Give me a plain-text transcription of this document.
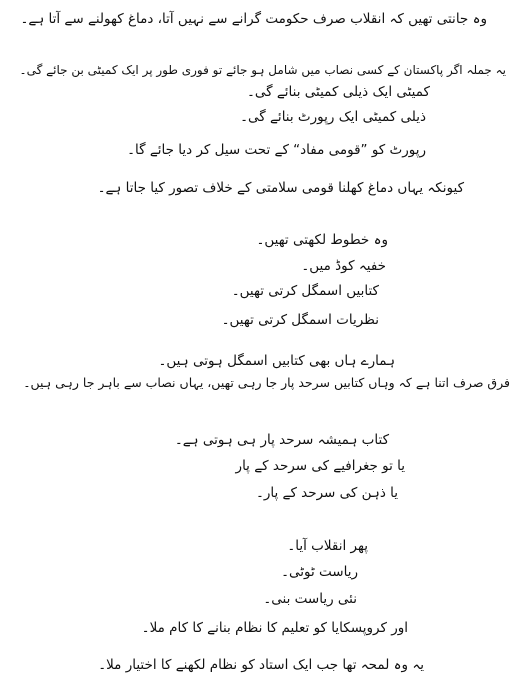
وہ جانتی تھیں کہ انقلاب صرف حکومت گرانے سے نہیں آتا، دماغ کھولنے سے آتا ہے۔
یہ جملہ اگر پاکستان کے کسی نصاب میں شامل ہو جائے تو فوری طور پر ایک کمیٹی بن جائے گی۔
کمیٹی ایک ذیلی کمیٹی بنائے گی۔
ذیلی کمیٹی ایک رپورٹ بنائے گی۔
رپورٹ کو ”قومی مفاد“ کے تحت سیل کر دیا جائے گا۔
کیونکہ یہاں دماغ کھلنا قومی سلامتی کے خلاف تصور کیا جاتا ہے۔
وہ خطوط لکھتی تھیں۔
خفیہ کوڈ میں۔
کتابیں اسمگل کرتی تھیں۔
نظریات اسمگل کرتی تھیں۔
ہمارے ہاں بھی کتابیں اسمگل ہوتی ہیں۔
فرق صرف اتنا ہے کہ وہاں کتابیں سرحد پار جا رہی تھیں، یہاں نصاب سے باہر جا رہی ہیں۔
کتاب ہمیشہ سرحد پار ہی ہوتی ہے۔
یا تو جغرافیے کی سرحد کے پار
یا ذہن کی سرحد کے پار۔
پھر انقلاب آیا۔
ریاست ٹوٹی۔
نئی ریاست بنی۔
اور کروپسکایا کو تعلیم کا نظام بنانے کا کام ملا۔
یہ وہ لمحہ تھا جب ایک استاد کو نظام لکھنے کا اختیار ملا۔
